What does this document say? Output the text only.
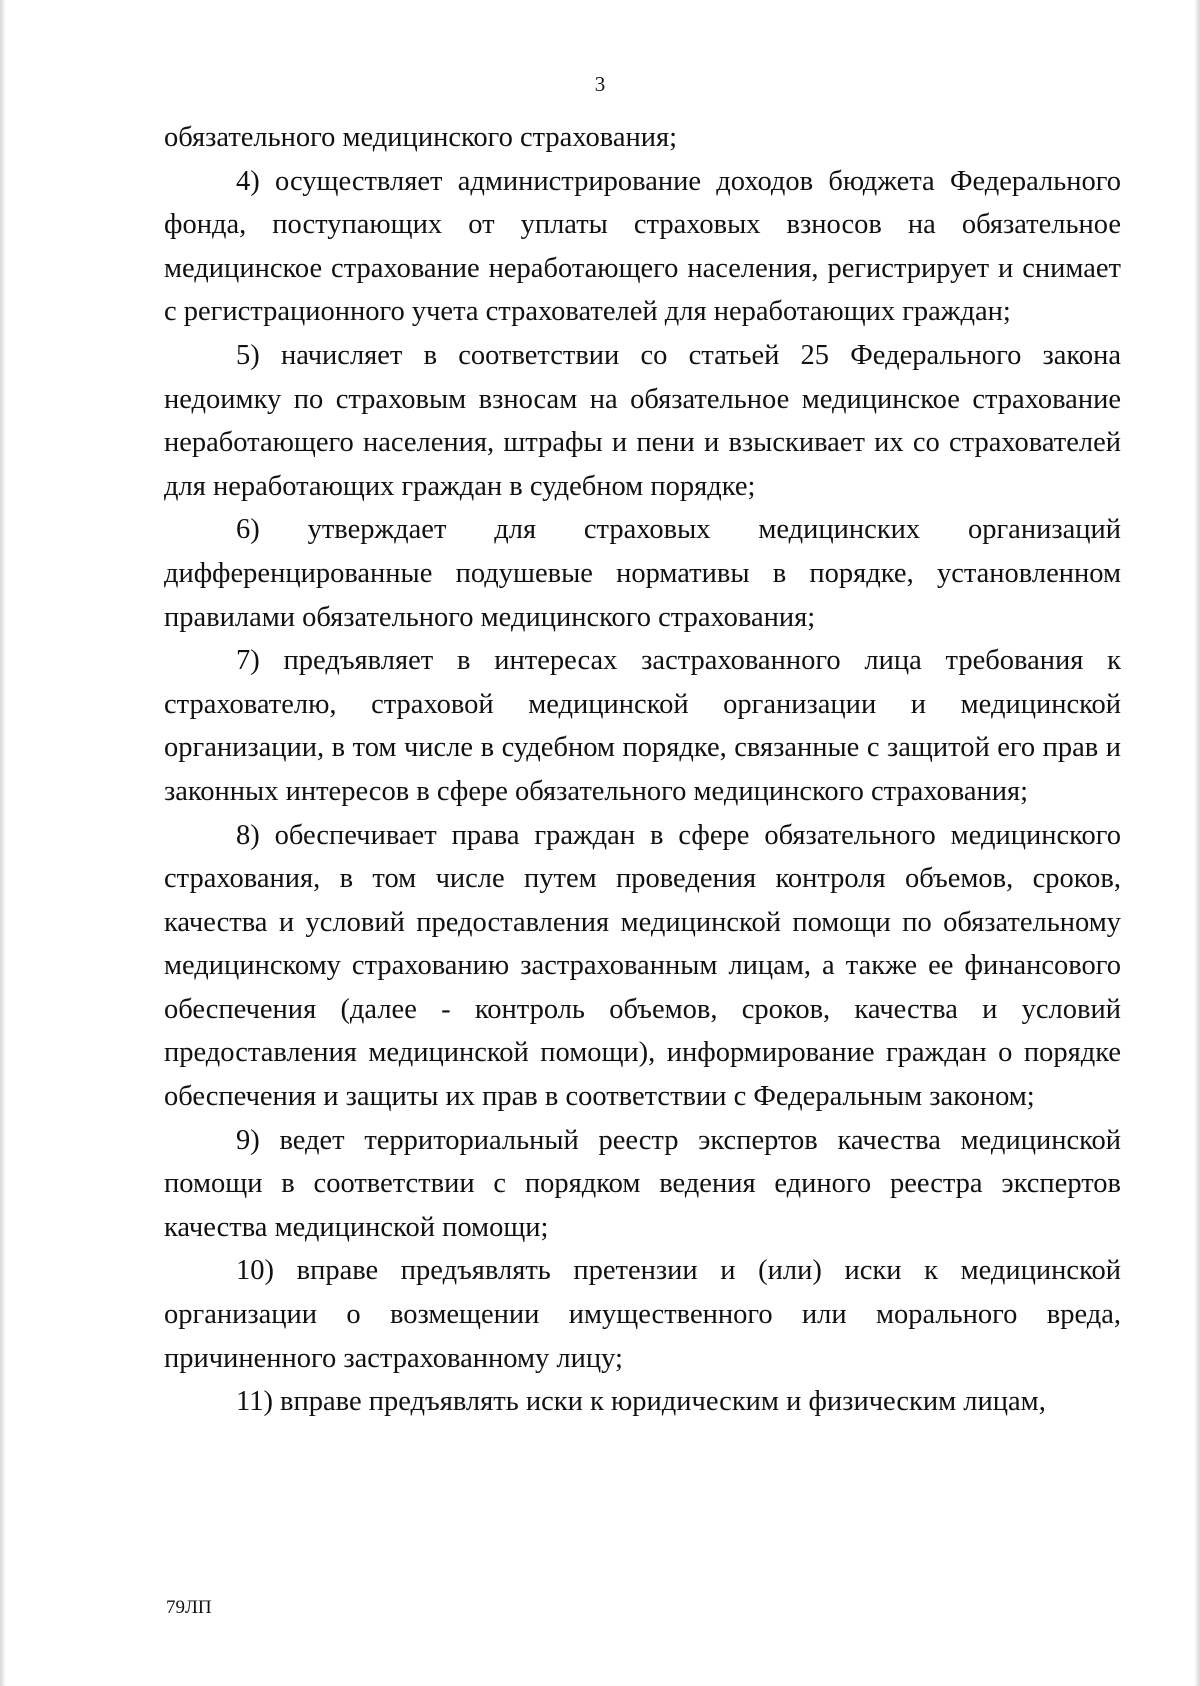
3

обязательного медицинского страхования;

4) осуществляет администрирование доходов бюджета Федерального фонда, поступающих от уплаты страховых взносов на обязательное медицинское страхование неработающего населения, регистрирует и снимает с регистрационного учета страхователей для неработающих граждан;

5) начисляет в соответствии со статьей 25 Федерального закона недоимку по страховым взносам на обязательное медицинское страхование неработающего населения, штрафы и пени и взыскивает их со страхователей для неработающих граждан в судебном порядке;

6) утверждает для страховых медицинских организаций дифференцированные подушевые нормативы в порядке, установленном правилами обязательного медицинского страхования;

7) предъявляет в интересах застрахованного лица требования к страхователю, страховой медицинской организации и медицинской организации, в том числе в судебном порядке, связанные с защитой его прав и законных интересов в сфере обязательного медицинского страхования;

8) обеспечивает права граждан в сфере обязательного медицинского страхования, в том числе путем проведения контроля объемов, сроков, качества и условий предоставления медицинской помощи по обязательному медицинскому страхованию застрахованным лицам, а также ее финансового обеспечения (далее - контроль объемов, сроков, качества и условий предоставления медицинской помощи), информирование граждан о порядке обеспечения и защиты их прав в соответствии с Федеральным законом;

9) ведет территориальный реестр экспертов качества медицинской помощи в соответствии с порядком ведения единого реестра экспертов качества медицинской помощи;

10) вправе предъявлять претензии и (или) иски к медицинской организации о возмещении имущественного или морального вреда, причиненного застрахованному лицу;

11) вправе предъявлять иски к юридическим и физическим лицам,

79ЛП
